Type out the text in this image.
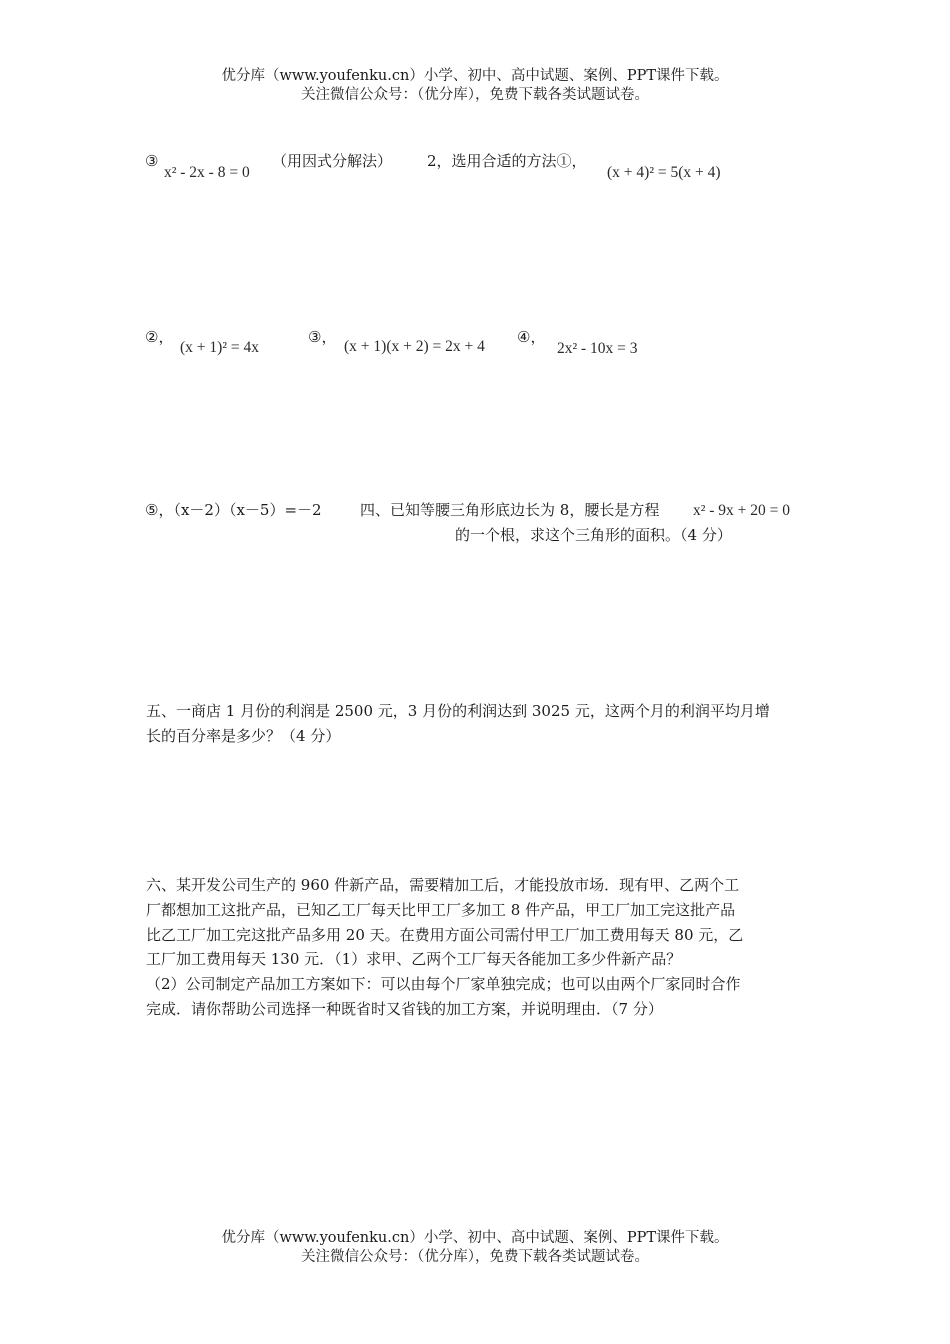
优分库（www.youfenku.cn）小学、初中、高中试题、案例、PPT课件下载。
关注微信公众号：（优分库），免费下载各类试题试卷。
③
x² - 2x - 8 = 0
（用因式分解法） 2，选用合适的方法①，
(x + 4)² = 5(x + 4)
②，
(x + 1)² = 4x
③，
(x + 1)(x + 2) = 2x + 4
④，
2x² - 10x = 3
⑤，（x－2）（x－5）=－2	四、已知等腰三角形底边长为 8，腰长是方程 x² - 9x + 20 = 0
的一个根，求这个三角形的面积。（4 分）
五、一商店 1 月份的利润是 2500 元，3 月份的利润达到 3025 元，这两个月的利润平均月增
长的百分率是多少？（4 分）
六、某开发公司生产的 960 件新产品，需要精加工后，才能投放市场．现有甲、乙两个工
厂都想加工这批产品，已知乙工厂每天比甲工厂多加工 8 件产品，甲工厂加工完这批产品
比乙工厂加工完这批产品多用 20 天。在费用方面公司需付甲工厂加工费用每天 80 元，乙
工厂加工费用每天 130 元．（1）求甲、乙两个工厂每天各能加工多少件新产品？
（2）公司制定产品加工方案如下：可以由每个厂家单独完成；也可以由两个厂家同时合作
完成．请你帮助公司选择一种既省时又省钱的加工方案，并说明理由．（7 分）
优分库（www.youfenku.cn）小学、初中、高中试题、案例、PPT课件下载。
关注微信公众号：（优分库），免费下载各类试题试卷。
